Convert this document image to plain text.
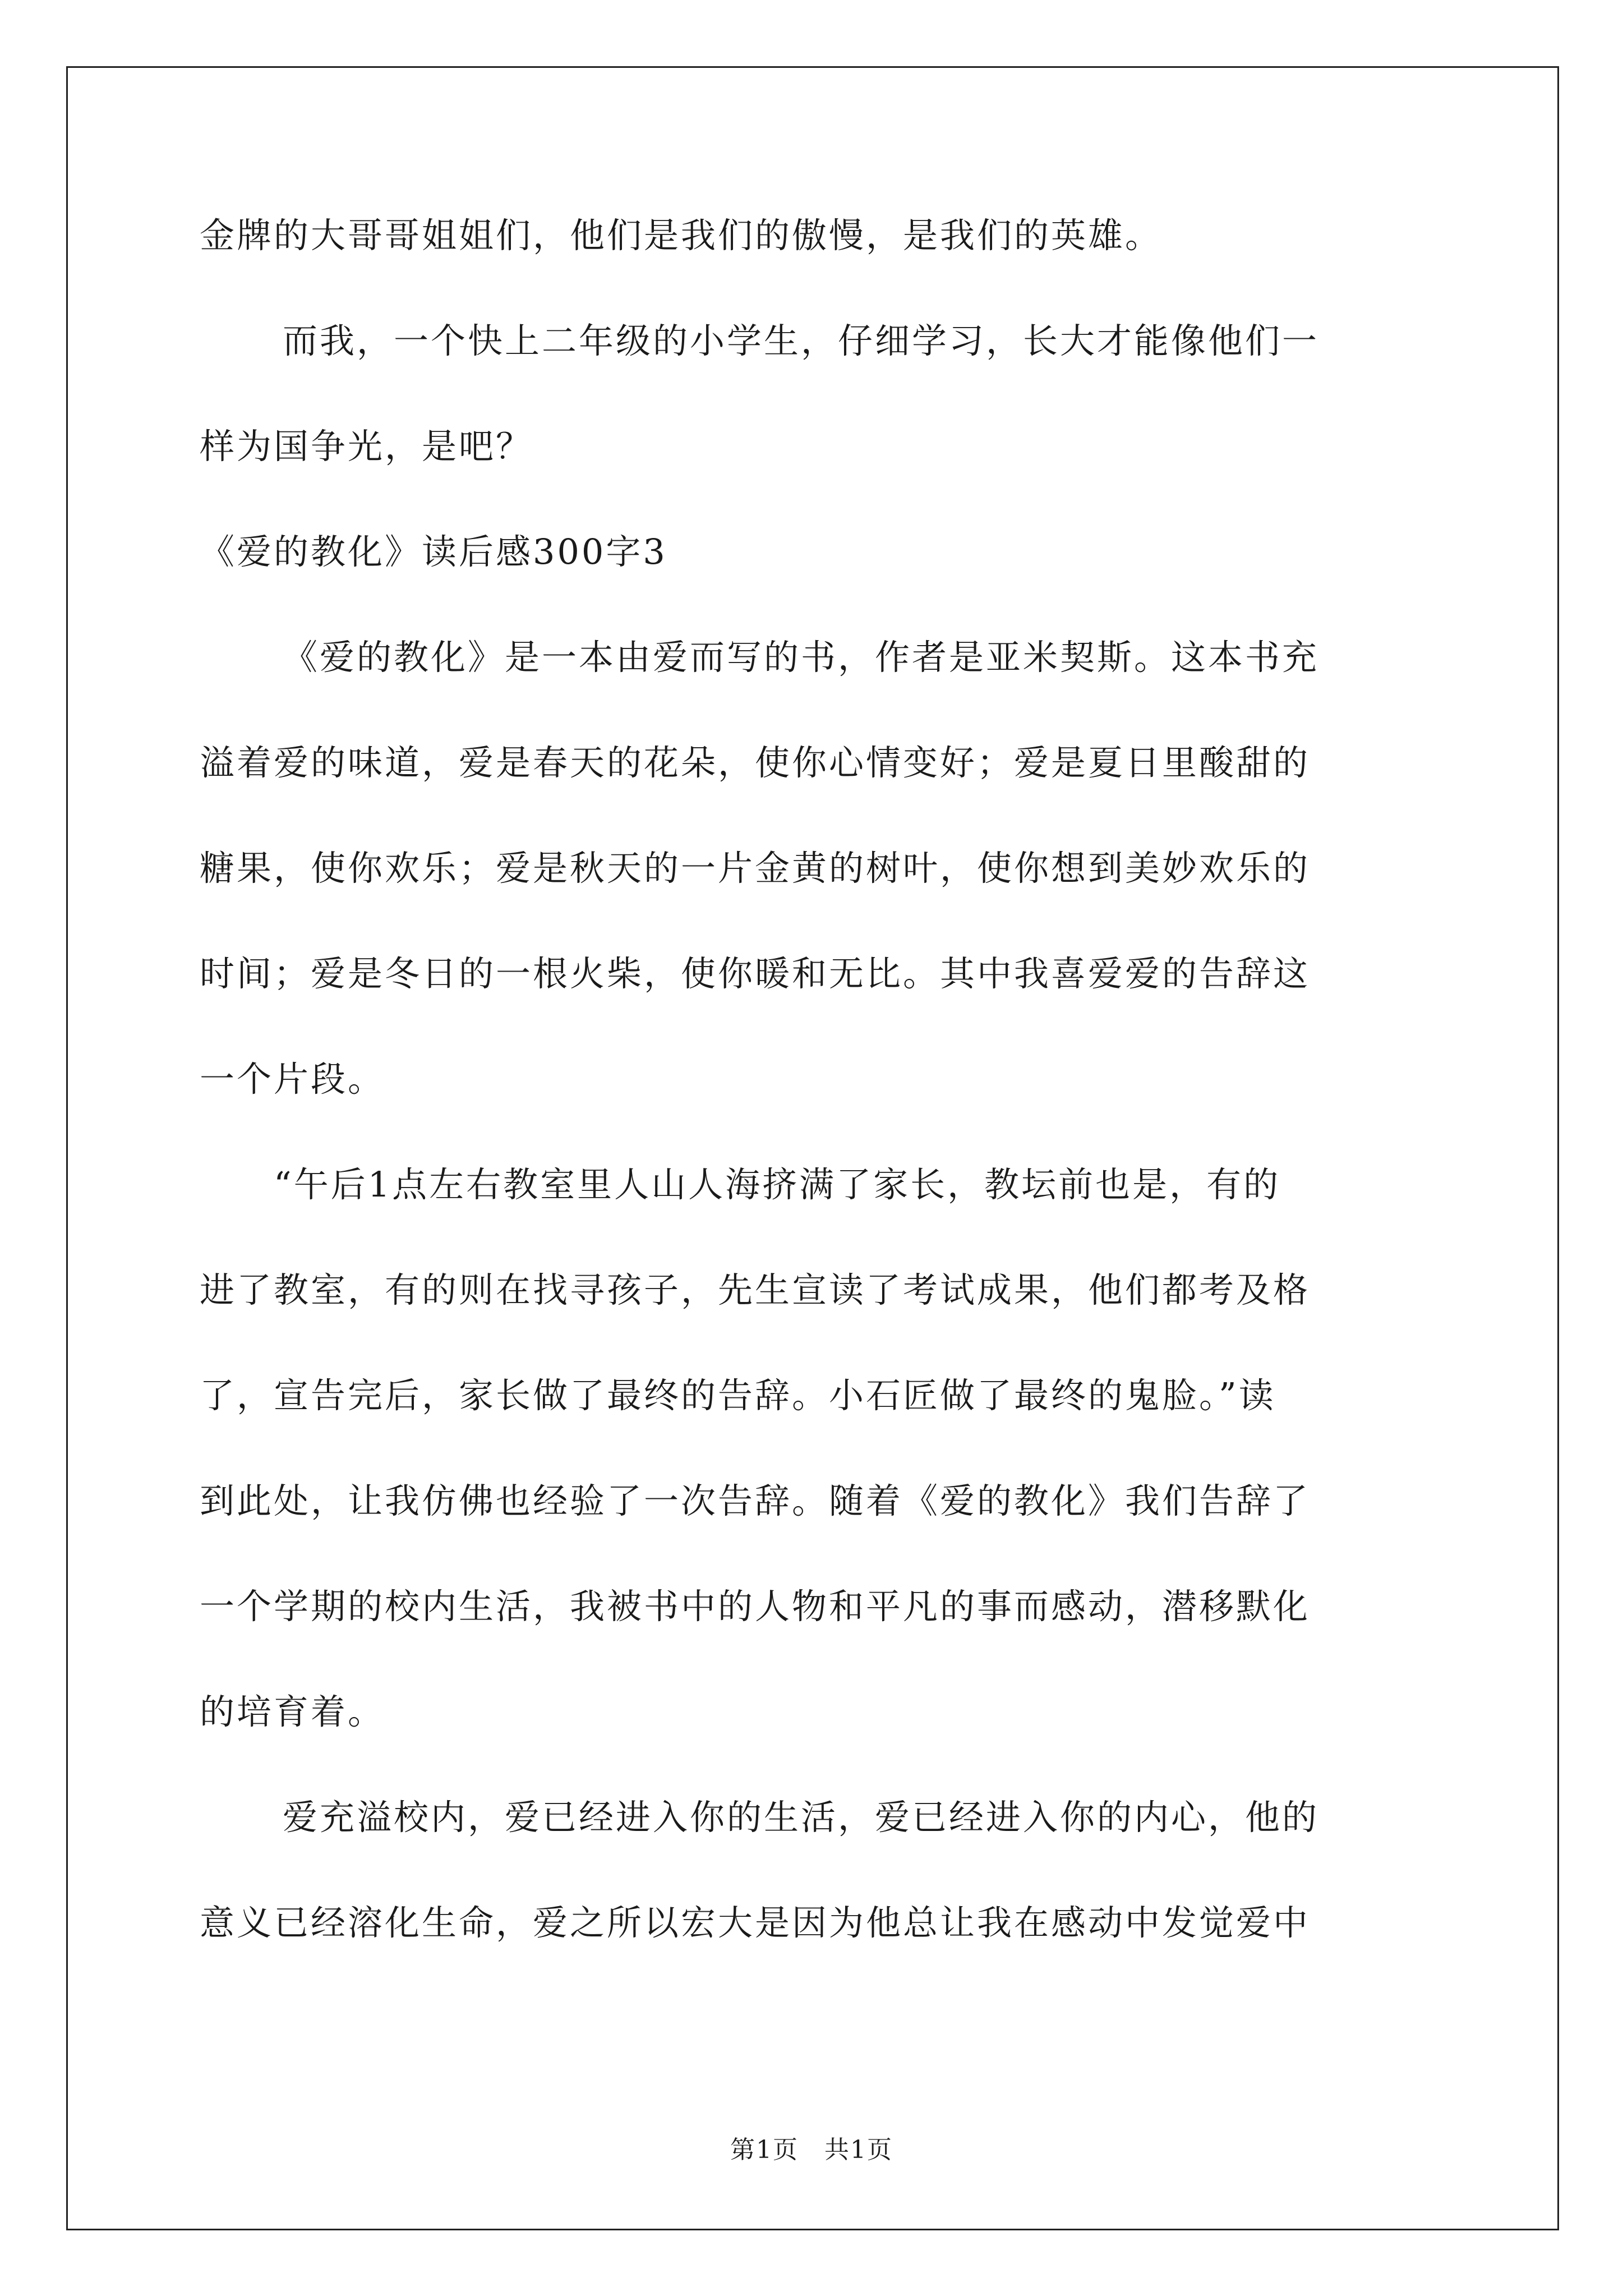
金牌的大哥哥姐姐们，他们是我们的傲慢，是我们的英雄。
而我，一个快上二年级的小学生，仔细学习，长大才能像他们一
样为国争光，是吧？
《爱的教化》读后感300字3
《爱的教化》是一本由爱而写的书，作者是亚米契斯。这本书充
溢着爱的味道，爱是春天的花朵，使你心情变好；爱是夏日里酸甜的
糖果，使你欢乐；爱是秋天的一片金黄的树叶，使你想到美妙欢乐的
时间；爱是冬日的一根火柴，使你暖和无比。其中我喜爱爱的告辞这
一个片段。
“午后1点左右教室里人山人海挤满了家长，教坛前也是，有的
进了教室，有的则在找寻孩子，先生宣读了考试成果，他们都考及格
了，宣告完后，家长做了最终的告辞。小石匠做了最终的鬼脸。”读
到此处，让我仿佛也经验了一次告辞。随着《爱的教化》我们告辞了
一个学期的校内生活，我被书中的人物和平凡的事而感动，潜移默化
的培育着。
爱充溢校内，爱已经进入你的生活，爱已经进入你的内心，他的
意义已经溶化生命，爱之所以宏大是因为他总让我在感动中发觉爱中
第1页　共1页
